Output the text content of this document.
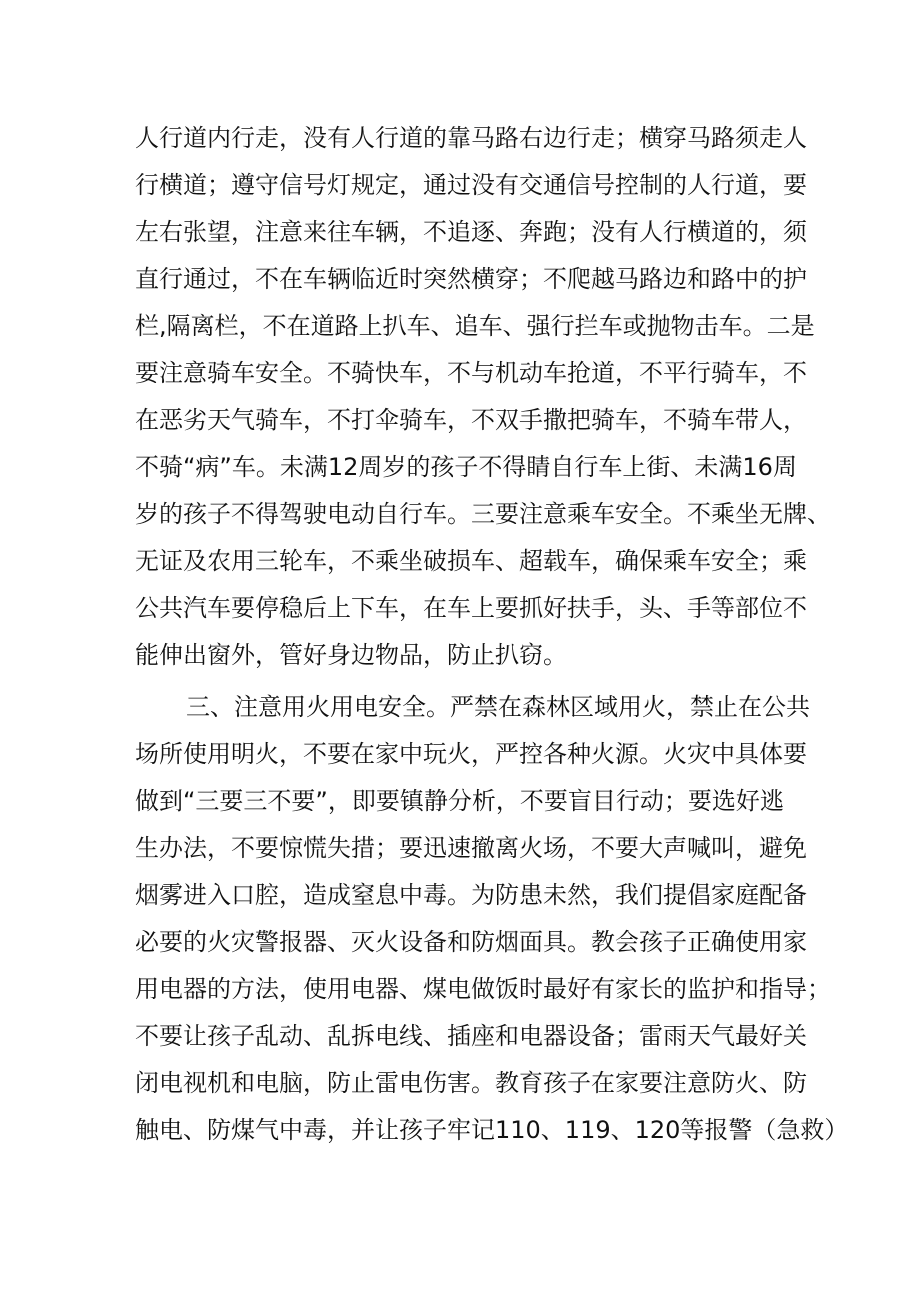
人行道内行走，没有人行道的靠马路右边行走；横穿马路须走人
行横道；遵守信号灯规定，通过没有交通信号控制的人行道，要
左右张望，注意来往车辆，不追逐、奔跑；没有人行横道的，须
直行通过，不在车辆临近时突然横穿；不爬越马路边和路中的护
栏,隔离栏，不在道路上扒车、追车、强行拦车或抛物击车。二是
要注意骑车安全。不骑快车，不与机动车抢道，不平行骑车，不
在恶劣天气骑车，不打伞骑车，不双手撒把骑车，不骑车带人，
不骑“病”车。未满12周岁的孩子不得睛自行车上街、未满16周
岁的孩子不得驾驶电动自行车。三要注意乘车安全。不乘坐无牌、
无证及农用三轮车，不乘坐破损车、超载车，确保乘车安全；乘
公共汽车要停稳后上下车，在车上要抓好扶手，头、手等部位不
能伸出窗外，管好身边物品，防止扒窃。
三、注意用火用电安全。严禁在森林区域用火，禁止在公共
场所使用明火，不要在家中玩火，严控各种火源。火灾中具体要
做到“三要三不要”，即要镇静分析，不要盲目行动；要选好逃
生办法，不要惊慌失措；要迅速撤离火场，不要大声喊叫，避免
烟雾进入口腔，造成窒息中毒。为防患未然，我们提倡家庭配备
必要的火灾警报器、灭火设备和防烟面具。教会孩子正确使用家
用电器的方法，使用电器、煤电做饭时最好有家长的监护和指导；
不要让孩子乱动、乱拆电线、插座和电器设备；雷雨天气最好关
闭电视机和电脑，防止雷电伤害。教育孩子在家要注意防火、防
触电、防煤气中毒，并让孩子牢记110、119、120等报警（急救）
